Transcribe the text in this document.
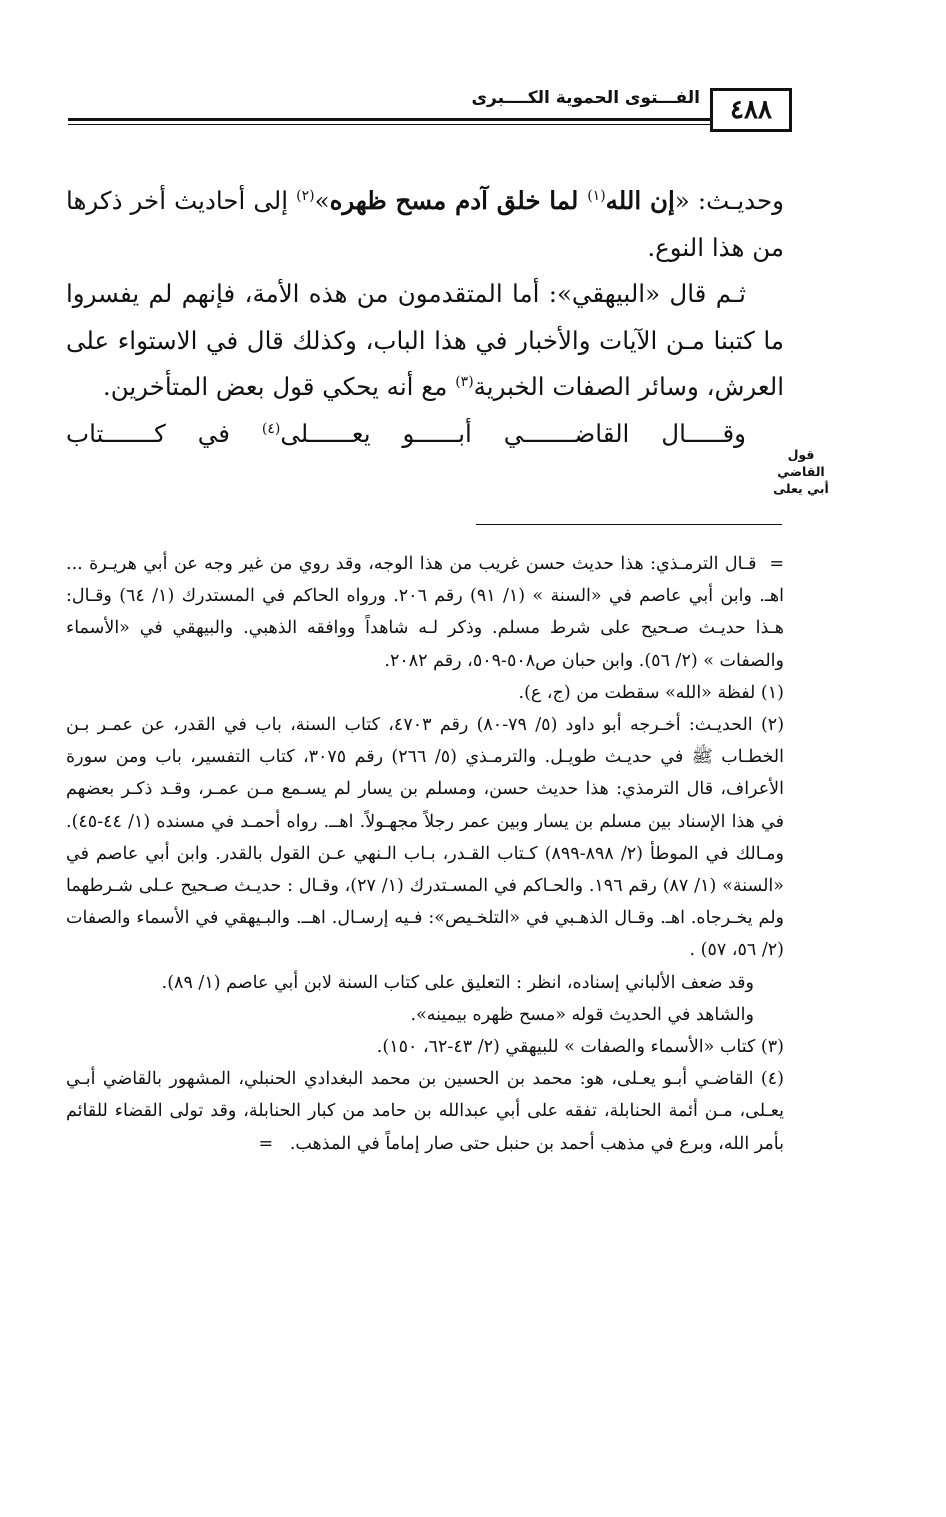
الفـــتوى الحموية الكــــبرى	٤٨٨

وحديـث: «إن الله$^{(١)}$ لما خلق آدم مسح ظهره»$^{(٢)}$ إلى أحاديث أخر ذكرها من هذا النوع.

ثـم قال «البيهقي»: أما المتقدمون من هذه الأمة، فإنهم لم يفسروا ما كتبنا مـن الآيات والأخبار في هذا الباب، وكذلك قال في الاستواء على العرش، وسائر الصفات الخبرية$^{(٣)}$ مع أنه يحكي قول بعض المتأخرين.

وقـــــال
القاضـــــــي
أبــــــو
يعــــــلى$^{(٤)}$
في
كـــــــتاب
قول
القاضي
أبي يعلى

=  قـال الترمـذي: هذا حديث حسن غريب من هذا الوجه، وقد روي من غير وجه عن أبي هريـرة ... اهـ. وابن أبي عاصم في «السنة » (١/ ٩١) رقم ٢٠٦. ورواه الحاكم في المستدرك (١/ ٦٤) وقـال: هـذا حديـث صـحيح على شرط مسلم. وذكر لـه شاهداً ووافقه الذهبي. والبيهقي في «الأسماء والصفات » (٢/ ٥٦). وابن حبان ص٥٠٨-٥٠٩، رقم ٢٠٨٢.

(١) لفظة «الله» سقطت من (ج، ع).

(٢) الحديـث: أخـرجه أبو داود (٥/ ٧٩-٨٠) رقم ٤٧٠٣، كتاب السنة، باب في القدر، عن عمـر بـن الخطـاب ﷺ في حديـث طويـل. والترمـذي (٥/ ٢٦٦) رقم ٣٠٧٥، كتاب التفسير، باب ومن سورة الأعراف، قال الترمذي: هذا حديث حسن، ومسلم بن يسار لم يسـمع مـن عمـر، وقـد ذكـر بعضهم في هذا الإسناد بين مسلم بن يسار وبين عمر رجلاً مجهـولاً. اهــ. رواه أحمـد في مسنده (١/ ٤٤-٤٥). ومـالك في الموطأ (٢/ ٨٩٨-٨٩٩) كـتاب القـدر، بـاب الـنهي عـن القول بالقدر. وابن أبي عاصم في «السنة» (١/ ٨٧) رقم ١٩٦. والحـاكم في المسـتدرك (١/ ٢٧)، وقـال : حديـث صـحيح عـلى شـرطهما ولم يخـرجاه. اهـ. وقـال الذهـبي في «التلخـيص»: فـيه إرسـال. اهــ. والبـيهقي في الأسماء والصفات (٢/ ٥٦، ٥٧) .

وقد ضعف الألباني إسناده، انظر : التعليق على كتاب السنة لابن أبي عاصم (١/ ٨٩).

والشاهد في الحديث قوله «مسح ظهره بيمينه».

(٣) كتاب «الأسماء والصفات » للبيهقي (٢/ ٤٣-٦٢، ١٥٠).

(٤) القاضـي أبـو يعـلى، هو: محمد بن الحسين بن محمد البغدادي الحنبلي، المشهور بالقاضي أبـي يعـلى، مـن أئمة الحنابلة، تفقه على أبي عبدالله بن حامد من كبار الحنابلة، وقد تولى القضاء للقائم بأمر الله، وبرع في مذهب أحمد بن حنبل حتى صار إماماً في المذهب.   =
